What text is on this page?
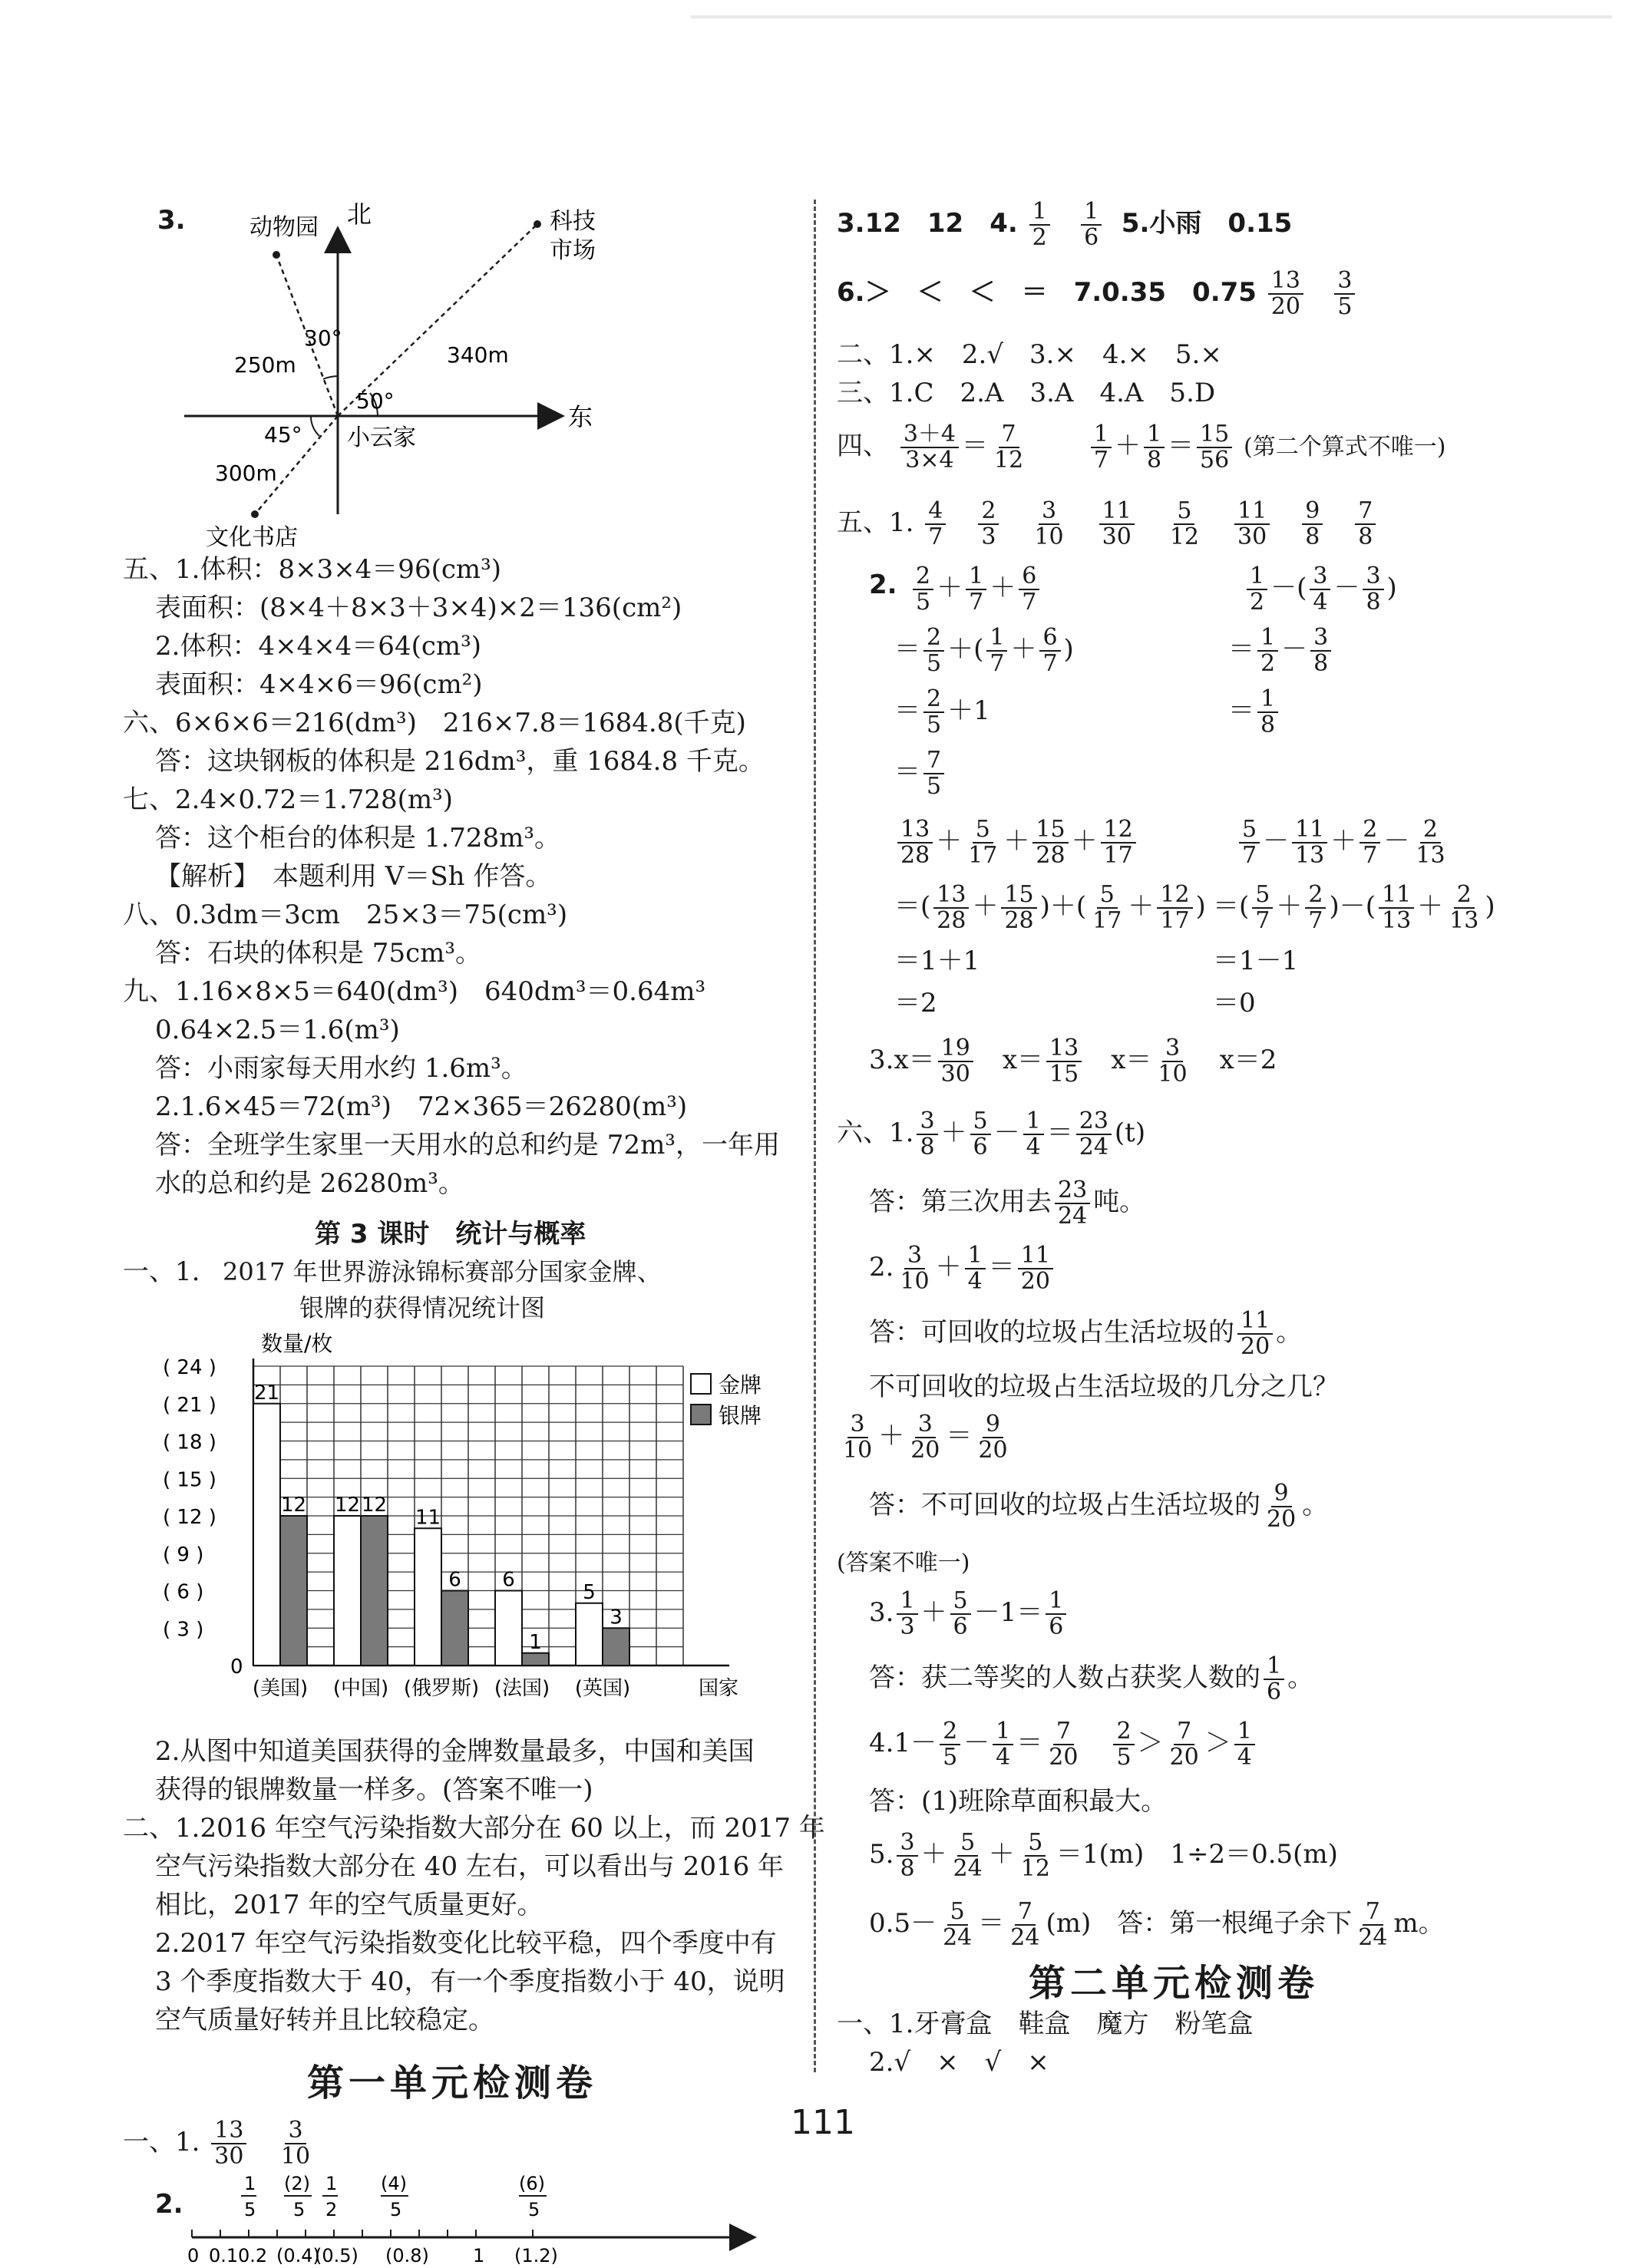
3.	北
东
动物园	科技
市场
文化书店
小云家
30°
50°
45°
250m	340m
300m
五、1.体积：8×3×4＝96(cm³)
表面积：(8×4＋8×3＋3×4)×2＝136(cm²)
2.体积：4×4×4＝64(cm³)
表面积：4×4×6＝96(cm²)
六、6×6×6＝216(dm³)　216×7.8＝1684.8(千克)
答：这块钢板的体积是 216dm³，重 1684.8 千克。
七、2.4×0.72＝1.728(m³)
答：这个柜台的体积是 1.728m³。
【解析】　本题利用 V＝Sh 作答。
八、0.3dm＝3cm　25×3＝75(cm³)
答：石块的体积是 75cm³。
九、1.16×8×5＝640(dm³)　640dm³＝0.64m³
0.64×2.5＝1.6(m³)
答：小雨家每天用水约 1.6m³。
2.1.6×45＝72(m³)　72×365＝26280(m³)
答：全班学生家里一天用水的总和约是 72m³，一年用
水的总和约是 26280m³。
第 3 课时　统计与概率
一、1. 2017 年世界游泳锦标赛部分国家金牌、
银牌的获得情况统计图
( 24 )
( 21 )
( 18 )
( 15 )
( 12 )
( 9 )
( 6 )
( 3 )
0
数量/枚
21
12
(美国)
12 12
(中国)
11
6
(俄罗斯)
6
1
(法国)
5
3
(英国)	国家
金牌
银牌
2.从图中知道美国获得的金牌数量最多，中国和美国
获得的银牌数量一样多。(答案不唯一)
二、1.2016 年空气污染指数大部分在 60 以上，而 2017 年
空气污染指数大部分在 40 左右，可以看出与 2016 年
相比，2017 年的空气质量更好。
2.2017 年空气污染指数变化比较平稳，四个季度中有
3 个季度指数大于 40，有一个季度指数小于 40，说明
空气质量好转并且比较稳定。
第一单元检测卷
一、1. $\frac{13}{30}$
$\frac{3}{10}$
2.
0 0.1 0.2 (0.4)
(0.5) (0.8) 1 (1.2)
1
5
(2)
5
1
2
(4)
5
(6)
5
3.12　12　4. $\frac{1}{2}$
$\frac{1}{6} 5$.小雨　0.15
6.＞　＜　＜　＝　7.0.35　$0.75 \frac{13}{20}$
$\frac{3}{5}$
二、1.×　2.√　3.×　4.×　5.×
三、1.C　2.A　3.A　4.A　5.D
四、 $\frac{3+4}{3\times 4} = \frac{7}{12}$
	$\frac{1}{7} + \frac{1}{8} = \frac{15}{56}$ (第二个算式不唯一)
五、1. $\frac{4}{7}$
  $\frac{2}{3}$
  $\frac{3}{10}$
  $\frac{11}{30}$
  $\frac{5}{12}$
  $\frac{11}{30}$
  $\frac{9}{8}$
  $\frac{7}{8}$

2. $\frac{2}{5} + \frac{1}{7} + \frac{6}{7}$
＝ $\frac{2}{5}$ ＋( $\frac{1}{7} + \frac{6}{7}$ )
＝ $\frac{2}{5} +1$
＝ $\frac{7}{5}$
$\frac{1}{2}$ －( $\frac{3}{4} - \frac{3}{8}$ )
＝ $\frac{1}{2} - \frac{3}{8}$
＝ $\frac{1}{8}$
$\frac{13}{28} + \frac{5}{17} + \frac{15}{28} + \frac{12}{17}$
＝( $\frac{13}{28} + \frac{15}{28}$ )＋( $\frac{5}{17} + \frac{12}{17}$ )
＝1＋1
＝2
$\frac{5}{7} - \frac{11}{13} + \frac{2}{7} - \frac{2}{13}$
＝( $\frac{5}{7} + \frac{2}{7}$ )－( $\frac{11}{13} + \frac{2}{13}$ )
＝1－1
＝0
$3.x= \frac{19}{30}$  $x= \frac{13}{15}$  $x= \frac{3}{10}$
  x＝2
六、1. $\frac{3}{8} + \frac{5}{6} - \frac{1}{4} = \frac{23}{24} (t)$
答：第三次用去 $\frac{23}{24}$ 吨。
2. $\frac{3}{10} + \frac{1}{4} = \frac{11}{20}$
答：可回收的垃圾占生活垃圾的 $\frac{11}{20}$ 。
不可回收的垃圾占生活垃圾的几分之几？
$\frac{3}{10} + \frac{3}{20} = \frac{9}{20}$
答：不可回收的垃圾占生活垃圾的 $\frac{9}{20}$ 。
(答案不唯一)
3. $\frac{1}{3} + \frac{5}{6} -1= \frac{1}{6}$
答：获二等奖的人数占获奖人数的 $\frac{1}{6}$ 。
$4.1- \frac{2}{5} - \frac{1}{4} = \frac{7}{20}$
  $\frac{2}{5} > \frac{7}{20} > \frac{1}{4}$
答：(1)班除草面积最大。
5. $\frac{3}{8} + \frac{5}{24} + \frac{5}{12} =1(m)$　1÷2＝0.5(m)
$0.5- \frac{5}{24} = \frac{7}{24} (m)$　答：第一根绳子余下 $\frac{7}{24}$ m。
第二单元检测卷
一、1.牙膏盒　鞋盒　魔方　粉笔盒
2.√　×　√　×
111
